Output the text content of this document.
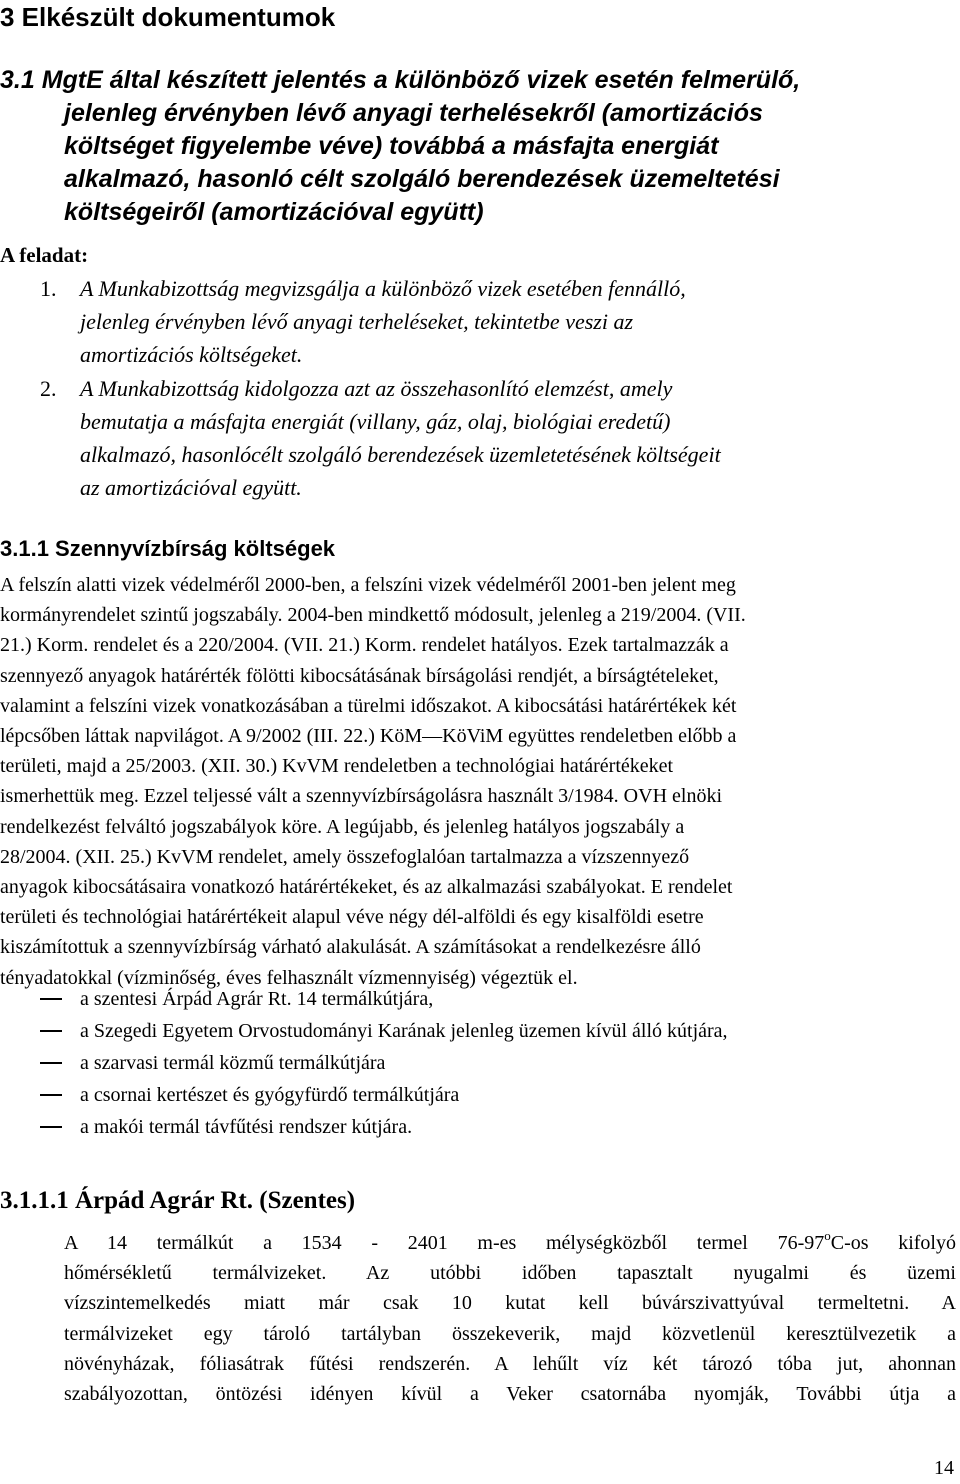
3 Elkészült dokumentumok
3.1 MgtE által készített jelentés a különböző vizek esetén felmerülő,
jelenleg érvényben lévő anyagi terhelésekről (amortizációs
költséget figyelembe véve) továbbá a másfajta energiát
alkalmazó, hasonló célt szolgáló berendezések üzemeltetési
költségeiről (amortizációval együtt)
A feladat:
1.	A Munkabizottság megvizsgálja a különböző vizek esetében fennálló,
jelenleg érvényben lévő anyagi terheléseket, tekintetbe veszi az
amortizációs költségeket.
2.	A Munkabizottság kidolgozza azt az összehasonlító elemzést, amely
bemutatja a másfajta energiát (villany, gáz, olaj, biológiai eredetű)
alkalmazó, hasonlócélt szolgáló berendezések üzemletetésének költségeit
az amortizációval együtt.
3.1.1 Szennyvízbírság költségek
A felszín alatti vizek védelméről 2000-ben, a felszíni vizek védelméről 2001-ben jelent meg
kormányrendelet szintű jogszabály. 2004-ben mindkettő módosult, jelenleg a 219/2004. (VII.
21.) Korm. rendelet és a 220/2004. (VII. 21.) Korm. rendelet hatályos. Ezek tartalmazzák a
szennyező anyagok határérték fölötti kibocsátásának bírságolási rendjét, a bírságtételeket,
valamint a felszíni vizek vonatkozásában a türelmi időszakot. A kibocsátási határértékek két
lépcsőben láttak napvilágot. A 9/2002 (III. 22.) KöM—KöViM együttes rendeletben előbb a
területi, majd a 25/2003. (XII. 30.) KvVM rendeletben a technológiai határértékeket
ismerhettük meg. Ezzel teljessé vált a szennyvízbírságolásra használt 3/1984. OVH elnöki
rendelkezést felváltó jogszabályok köre. A legújabb, és jelenleg hatályos jogszabály a
28/2004. (XII. 25.) KvVM rendelet, amely összefoglalóan tartalmazza a vízszennyező
anyagok kibocsátásaira vonatkozó határértékeket, és az alkalmazási szabályokat. E rendelet
területi és technológiai határértékeit alapul véve négy dél-alföldi és egy kisalföldi esetre
kiszámítottuk a szennyvízbírság várható alakulását. A számításokat a rendelkezésre álló
tényadatokkal (vízminőség, éves felhasznált vízmennyiség) végeztük el.
a szentesi Árpád Agrár Rt. 14 termálkútjára,
a Szegedi Egyetem Orvostudományi Karának jelenleg üzemen kívül álló kútjára,
a szarvasi termál közmű termálkútjára
a csornai kertészet és gyógyfürdő termálkútjára
a makói termál távfűtési rendszer kútjára.
3.1.1.1 Árpád Agrár Rt. (Szentes)
A 14 termálkút a 1534 - 2401 m-es mélységközből termel 76-97$^o$C-os kifolyó
hőmérsékletű termálvizeket. Az utóbbi időben tapasztalt nyugalmi és üzemi
vízszintemelkedés miatt már csak 10 kutat kell búvárszivattyúval termeltetni. A
termálvizeket egy tároló tartályban összekeverik, majd közvetlenül keresztülvezetik a
növényházak, fóliasátrak fűtési rendszerén. A lehűlt víz két tározó tóba jut, ahonnan
szabályozottan, öntözési idényen kívül a Veker csatornába nyomják, További útja a
14
